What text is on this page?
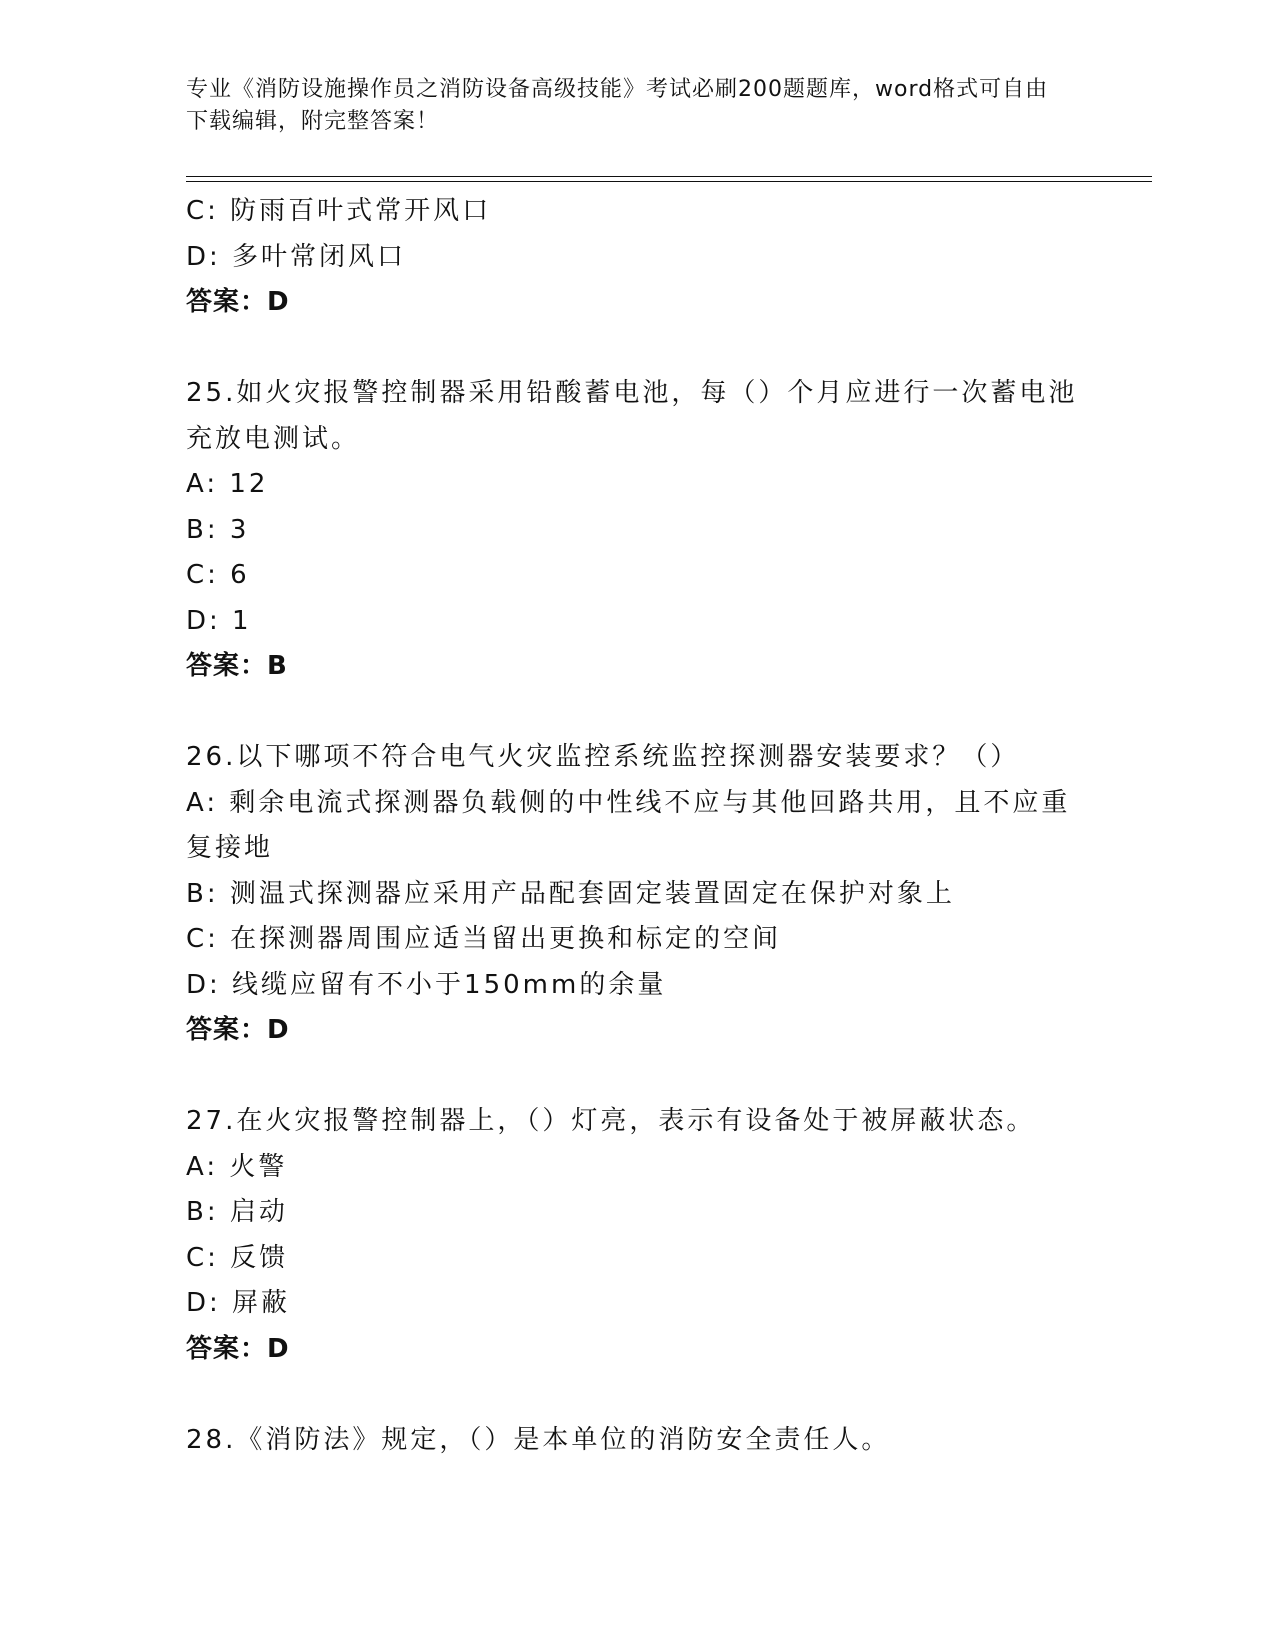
专业《消防设施操作员之消防设备高级技能》考试必刷200题题库，word格式可自由下载编辑，附完整答案！
C: 防雨百叶式常开风口
D: 多叶常闭风口
答案：D
25.如火灾报警控制器采用铅酸蓄电池，每（）个月应进行一次蓄电池充放电测试。
A: 12
B: 3
C: 6
D: 1
答案：B
26.以下哪项不符合电气火灾监控系统监控探测器安装要求？（）
A: 剩余电流式探测器负载侧的中性线不应与其他回路共用，且不应重复接地
B: 测温式探测器应采用产品配套固定装置固定在保护对象上
C: 在探测器周围应适当留出更换和标定的空间
D: 线缆应留有不小于150mm的余量
答案：D
27.在火灾报警控制器上，（）灯亮，表示有设备处于被屏蔽状态。
A: 火警
B: 启动
C: 反馈
D: 屏蔽
答案：D
28.《消防法》规定，（）是本单位的消防安全责任人。
